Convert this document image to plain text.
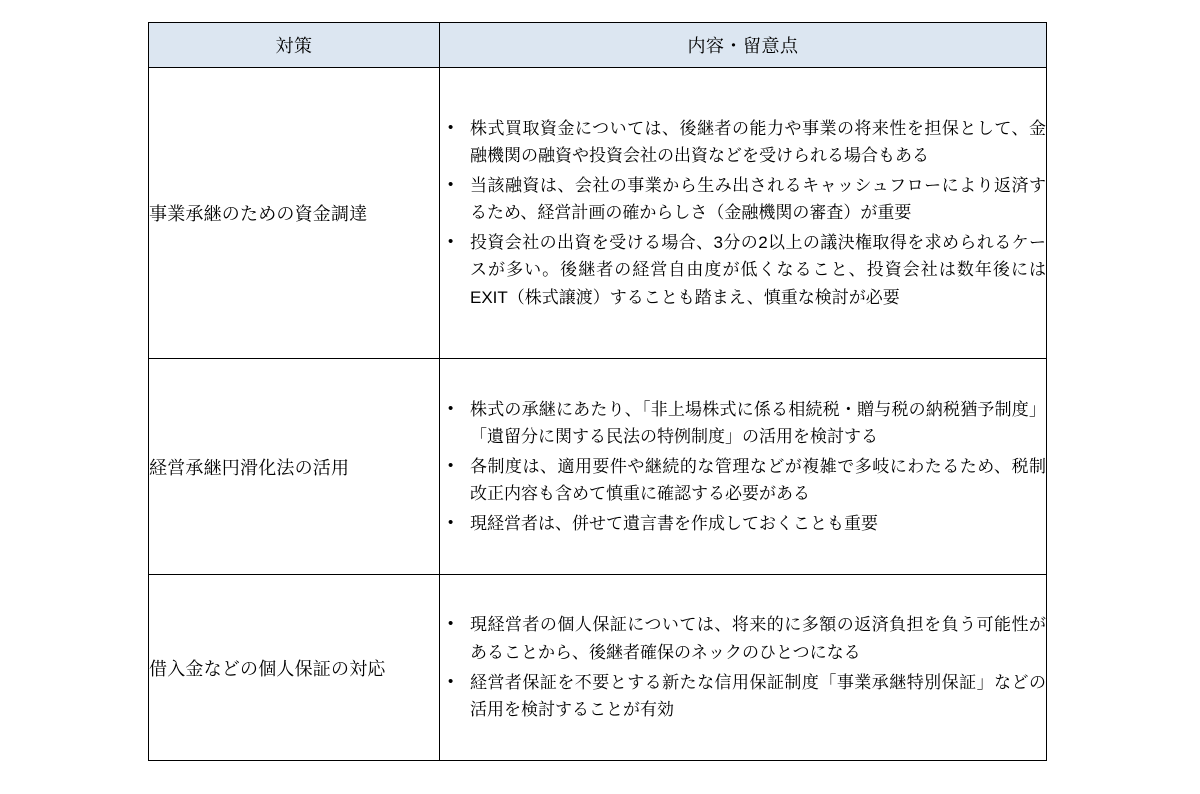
対策	内容・留意点
事業承継のための資金調達	
• 株式買取資金については、後継者の能力や事業の将来性を担保として、金融機関の融資や投資会社の出資などを受けられる場合もある
• 当該融資は、会社の事業から生み出されるキャッシュフローにより返済するため、経営計画の確からしさ（金融機関の審査）が重要
• 投資会社の出資を受ける場合、3分の2以上の議決権取得を求められるケースが多い。後継者の経営自由度が低くなること、投資会社は数年後にはEXIT（株式譲渡）することも踏まえ、慎重な検討が必要

経営承継円滑化法の活用	
• 株式の承継にあたり、「非上場株式に係る相続税・贈与税の納税猶予制度」「遺留分に関する民法の特例制度」の活用を検討する
• 各制度は、適用要件や継続的な管理などが複雑で多岐にわたるため、税制改正内容も含めて慎重に確認する必要がある
• 現経営者は、併せて遺言書を作成しておくことも重要

借入金などの個人保証の対応	
• 現経営者の個人保証については、将来的に多額の返済負担を負う可能性があることから、後継者確保のネックのひとつになる
• 経営者保証を不要とする新たな信用保証制度「事業承継特別保証」などの活用を検討することが有効
